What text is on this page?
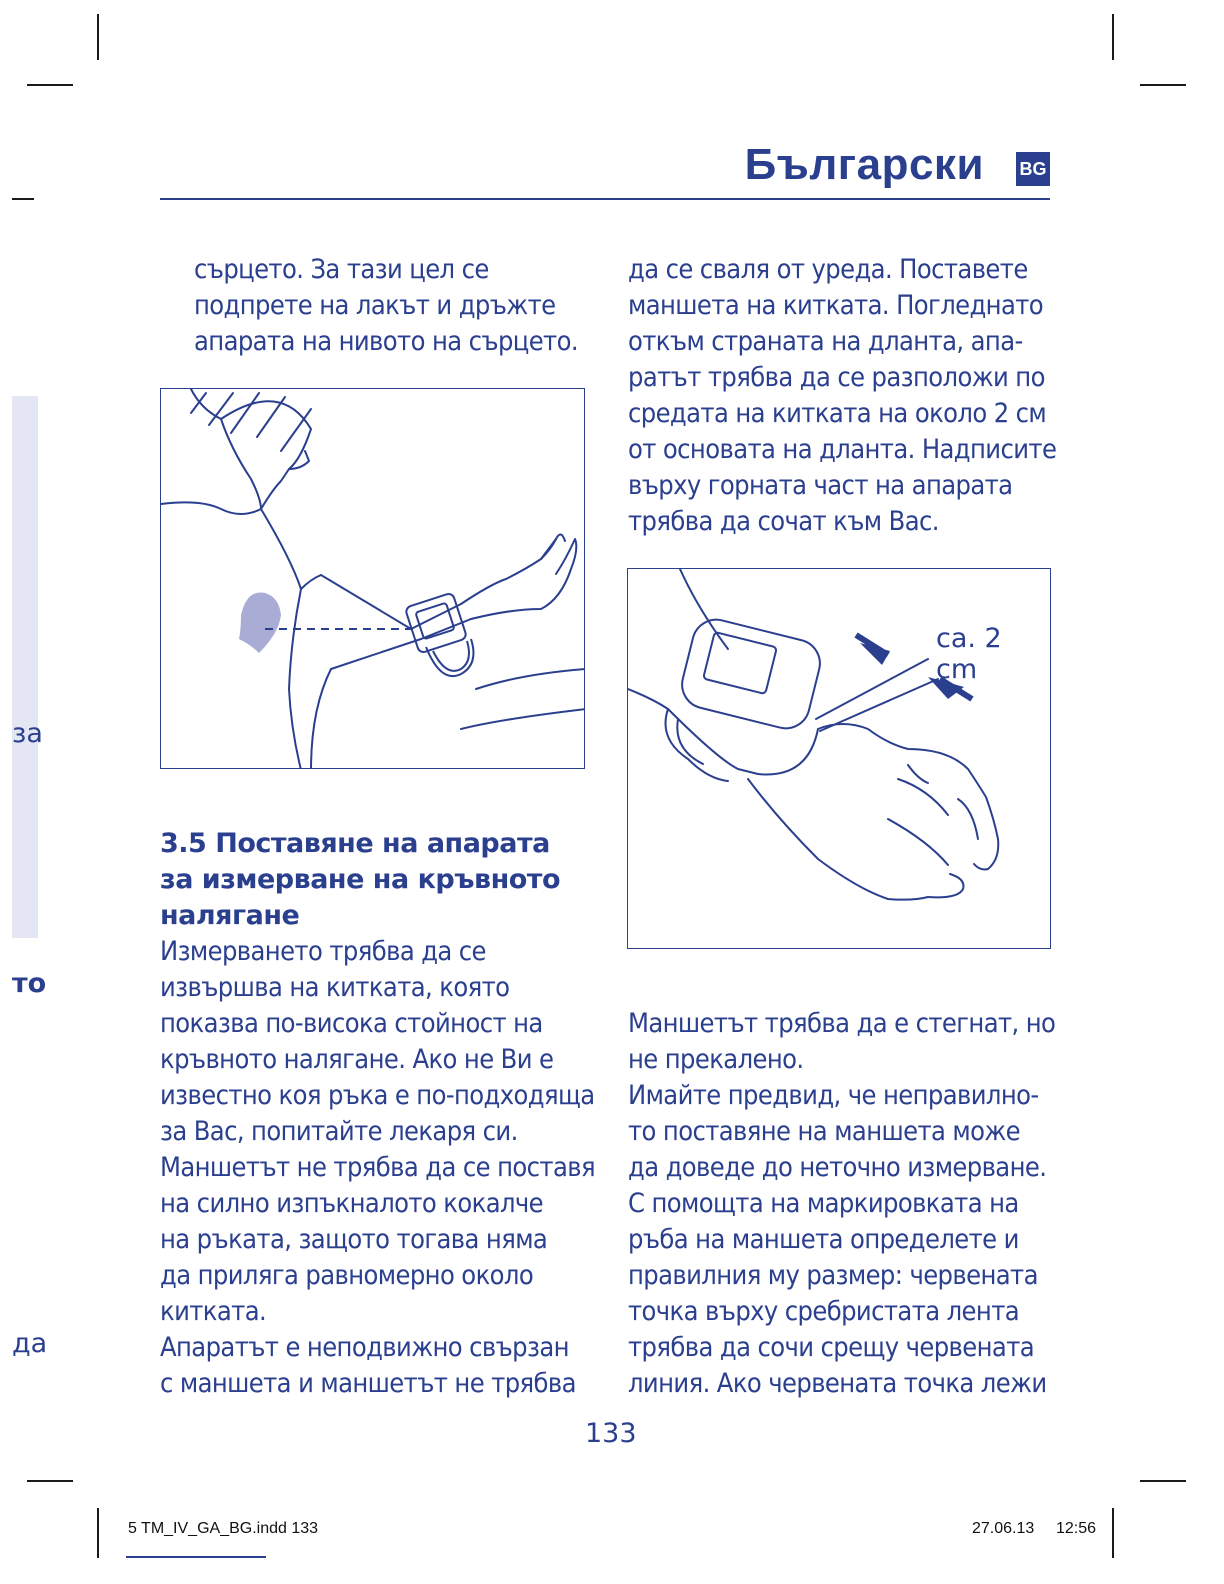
за
то
да
Български BG
сърцето. За тази цел се
подпрете на лакът и дръжте
апарата на нивото на сърцето.
3.5 Поставяне на апарата
за измерване на кръвното
налягане
Измерването трябва да се
извършва на китката, която
показва по-висока стойност на
кръвното налягане. Ако не Ви е
известно коя ръка е по-подходяща
за Вас, попитайте лекаря си.
Маншетът не трябва да се поставя
на силно изпъкналото кокалче
на ръката, защото тогава няма
да приляга равномерно около
китката.
Апаратът е неподвижно свързан
с маншета и маншетът не трябва
да се сваля от уреда. Поставете
маншета на китката. Погледнато
откъм страната на дланта, апа-
ратът трябва да се разположи по
средата на китката на около 2 см
от основата на дланта. Надписите
върху горната част на апарата
трябва да сочат към Вас.
ca. 2 cm
Маншетът трябва да е стегнат, но
не прекалено.
Имайте предвид, че неправилно-
то поставяне на маншета може
да доведе до неточно измерване.
С помощта на маркировката на
ръба на маншета определете и
правилния му размер: червената
точка върху сребристата лента
трябва да сочи срещу червената
линия. Ако червената точка лежи
133
5 TM_IV_GA_BG.indd 133	27.06.13 12:56
